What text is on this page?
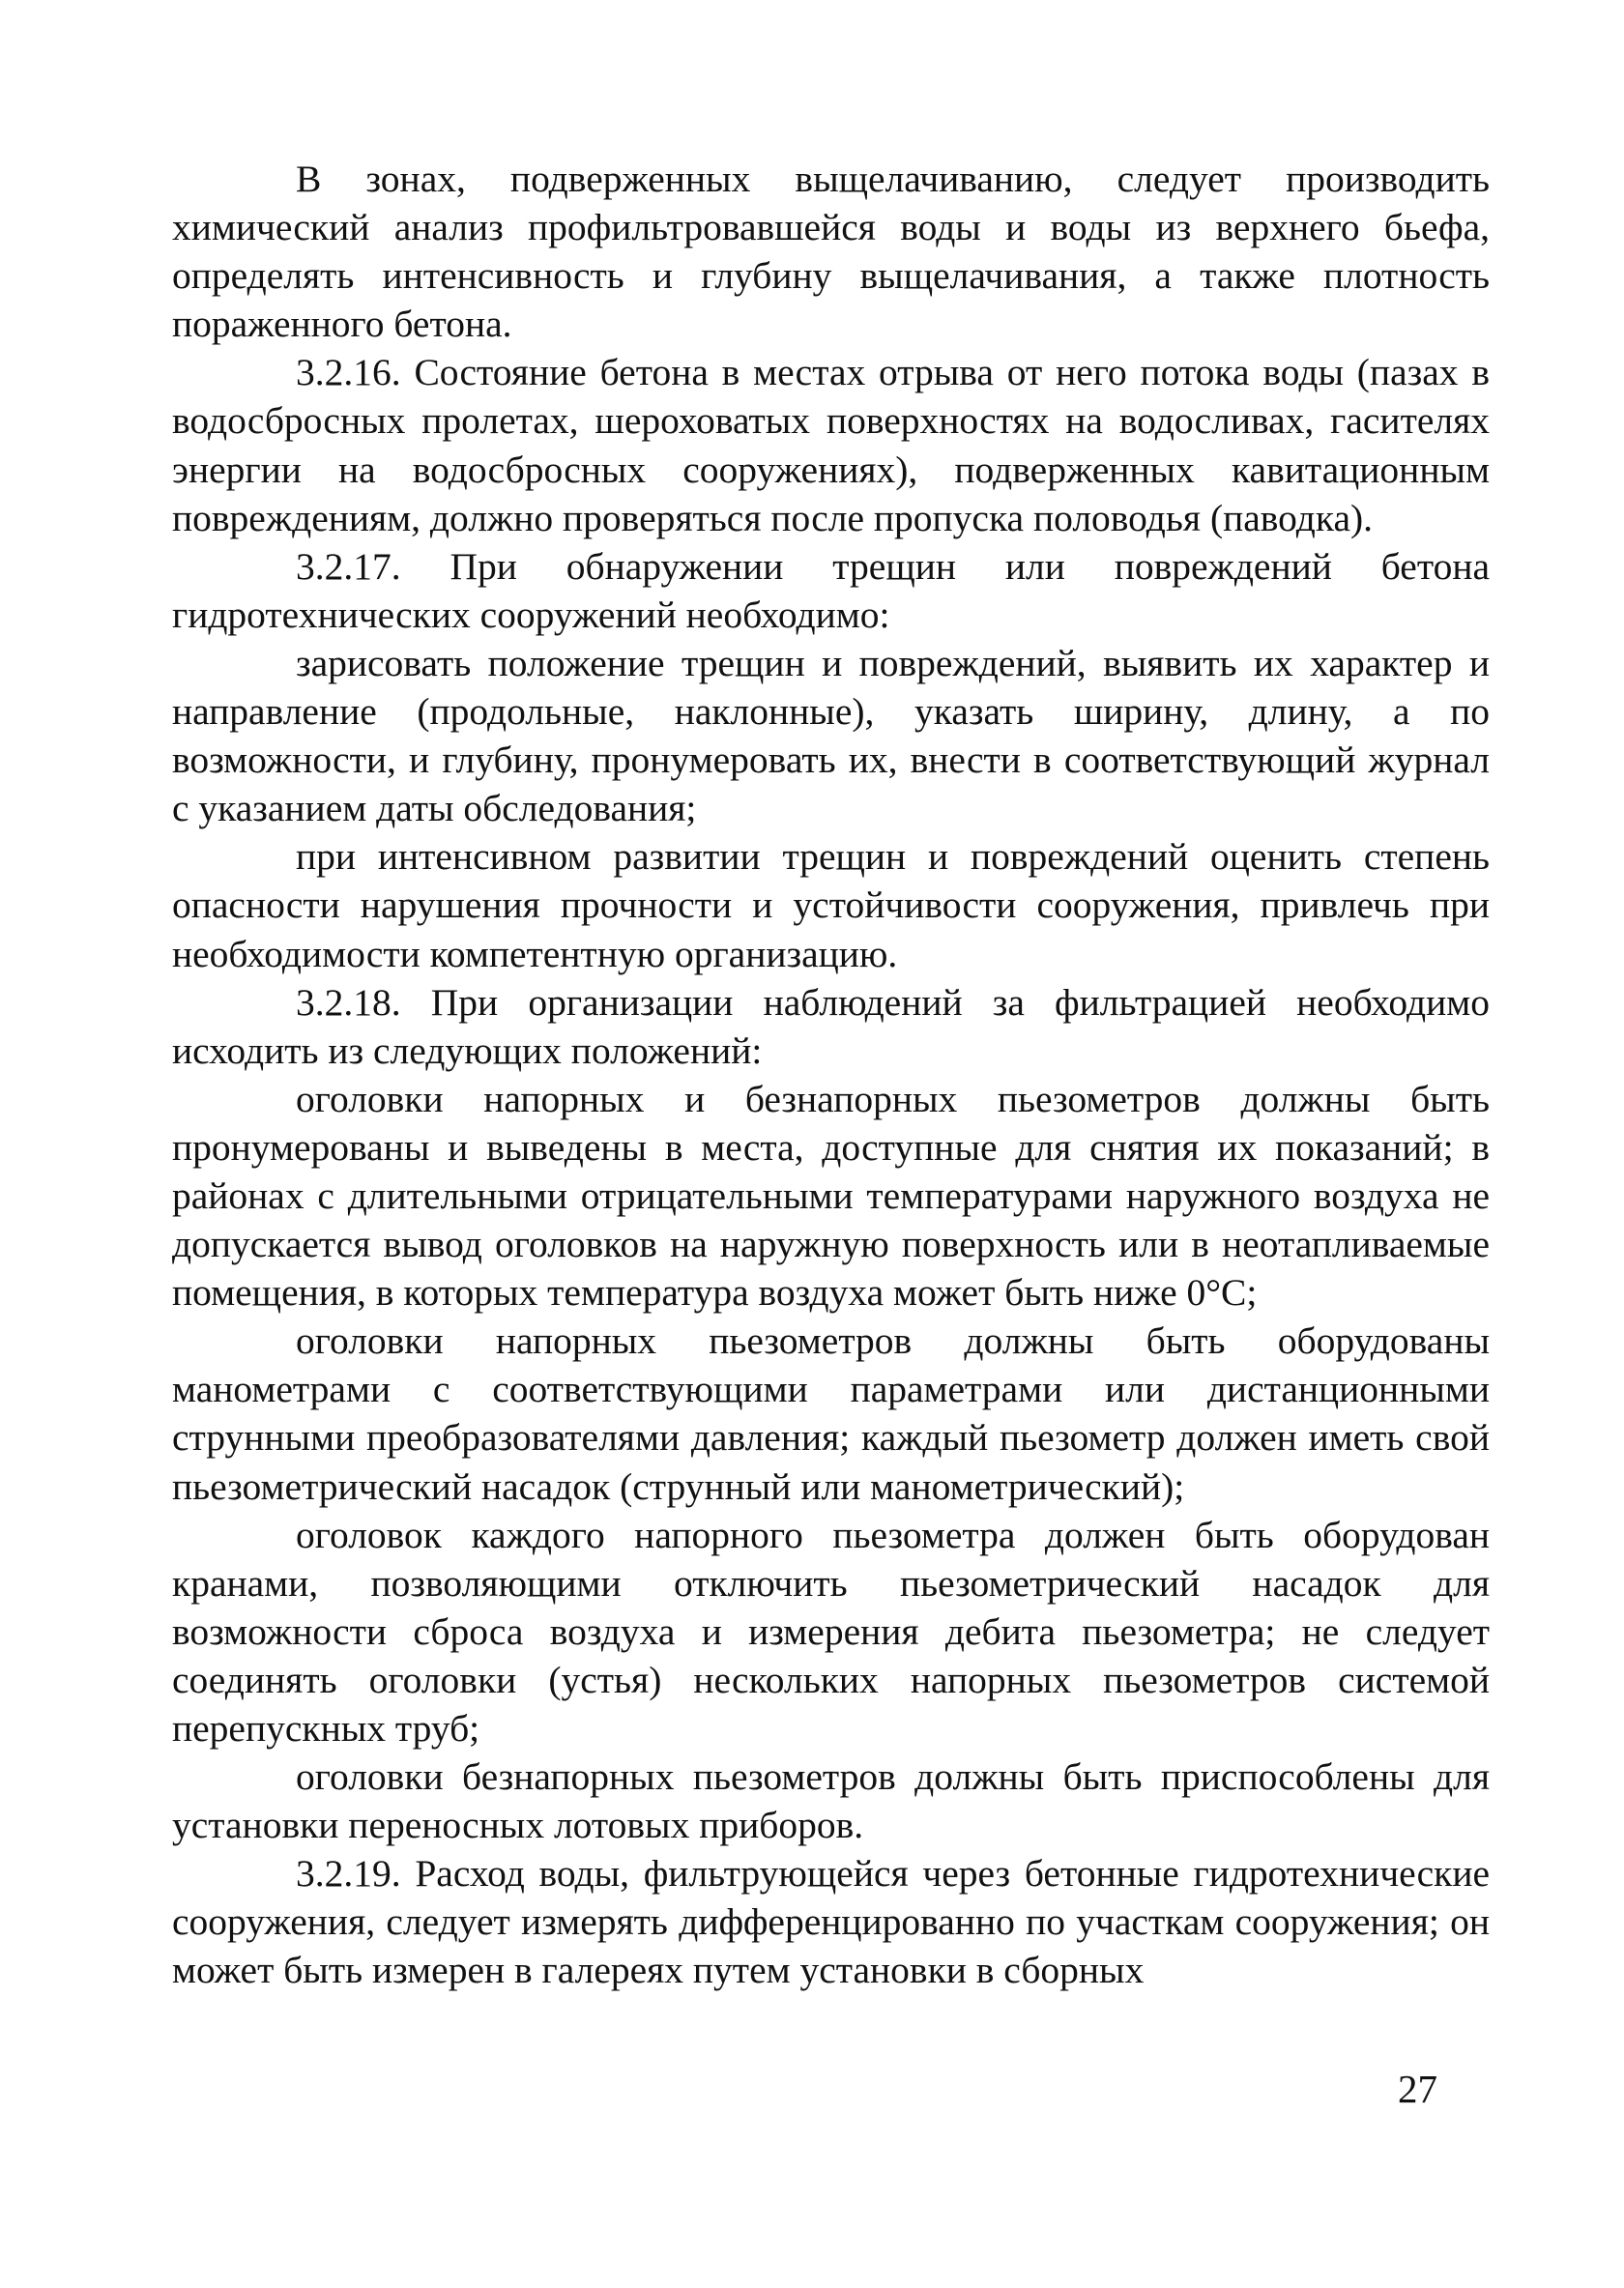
В зонах, подверженных выщелачиванию, следует производить химический анализ профильтровавшейся воды и воды из верхнего бьефа, определять интенсивность и глубину выщелачивания, а также плотность пораженного бетона.

3.2.16. Состояние бетона в местах отрыва от него потока воды (пазах в водосбросных пролетах, шероховатых поверхностях на водосливах, гасителях энергии на водосбросных сооружениях), подверженных кавитационным повреждениям, должно проверяться после пропуска половодья (паводка).

3.2.17. При обнаружении трещин или повреждений бетона гидротехнических сооружений необходимо:

зарисовать положение трещин и повреждений, выявить их характер и направление (продольные, наклонные), указать ширину, длину, а по возможности, и глубину, пронумеровать их, внести в соответствующий журнал с указанием даты обследования;

при интенсивном развитии трещин и повреждений оценить степень опасности нарушения прочности и устойчивости сооружения, привлечь при необходимости компетентную организацию.

3.2.18. При организации наблюдений за фильтрацией необходимо исходить из следующих положений:

оголовки напорных и безнапорных пьезометров должны быть пронумерованы и выведены в места, доступные для снятия их показаний; в районах с длительными отрицательными температурами наружного воздуха не допускается вывод оголовков на наружную поверхность или в неотапливаемые помещения, в которых температура воздуха может быть ниже 0°С;

оголовки напорных пьезометров должны быть оборудованы манометрами с соответствующими параметрами или дистанционными струнными преобразователями давления; каждый пьезометр должен иметь свой пьезометрический насадок (струнный или манометрический);

оголовок каждого напорного пьезометра должен быть оборудован кранами, позволяющими отключить пьезометрический насадок для возможности сброса воздуха и измерения дебита пьезометра; не следует соединять оголовки (устья) нескольких напорных пьезометров системой перепускных труб;

оголовки безнапорных пьезометров должны быть приспособлены для установки переносных лотовых приборов.

3.2.19. Расход воды, фильтрующейся через бетонные гидротехнические сооружения, следует измерять дифференцированно по участкам сооружения; он может быть измерен в галереях путем установки в сборных

27
